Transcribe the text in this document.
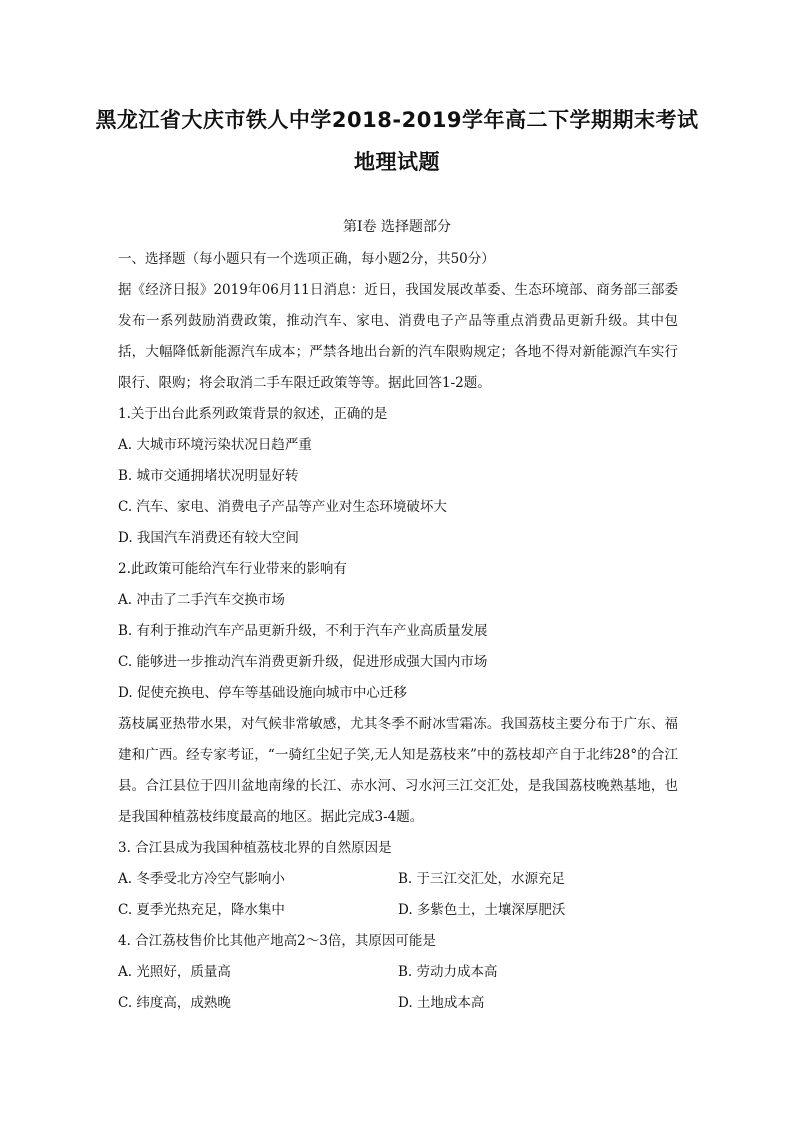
黑龙江省大庆市铁人中学2018-2019学年高二下学期期末考试
地理试题
第Ⅰ卷 选择题部分
一、选择题（每小题只有一个选项正确，每小题2分，共50分）
据《经济日报》2019年06月11日消息：近日，我国发展改革委、生态环境部、商务部三部委发布一系列鼓励消费政策，推动汽车、家电、消费电子产品等重点消费品更新升级。其中包括，大幅降低新能源汽车成本；严禁各地出台新的汽车限购规定；各地不得对新能源汽车实行限行、限购；将会取消二手车限迁政策等等。据此回答1-2题。
1.关于出台此系列政策背景的叙述，正确的是
A. 大城市环境污染状况日趋严重
B. 城市交通拥堵状况明显好转
C. 汽车、家电、消费电子产品等产业对生态环境破坏大
D. 我国汽车消费还有较大空间
2.此政策可能给汽车行业带来的影响有
A. 冲击了二手汽车交换市场
B. 有利于推动汽车产品更新升级，不利于汽车产业高质量发展
C. 能够进一步推动汽车消费更新升级，促进形成强大国内市场
D. 促使充换电、停车等基础设施向城市中心迁移
荔枝属亚热带水果，对气候非常敏感，尤其冬季不耐冰雪霜冻。我国荔枝主要分布于广东、福建和广西。经专家考证，“一骑红尘妃子笑,无人知是荔枝来”中的荔枝却产自于北纬28°的合江县。合江县位于四川盆地南缘的长江、赤水河、习水河三江交汇处，是我国荔枝晚熟基地，也是我国种植荔枝纬度最高的地区。据此完成3-4题。
3. 合江县成为我国种植荔枝北界的自然原因是
A. 冬季受北方冷空气影响小	B. 于三江交汇处，水源充足
C. 夏季光热充足，降水集中	D. 多紫色土，土壤深厚肥沃
4. 合江荔枝售价比其他产地高2～3倍，其原因可能是
A. 光照好，质量高	B. 劳动力成本高
C. 纬度高，成熟晚	D. 土地成本高
